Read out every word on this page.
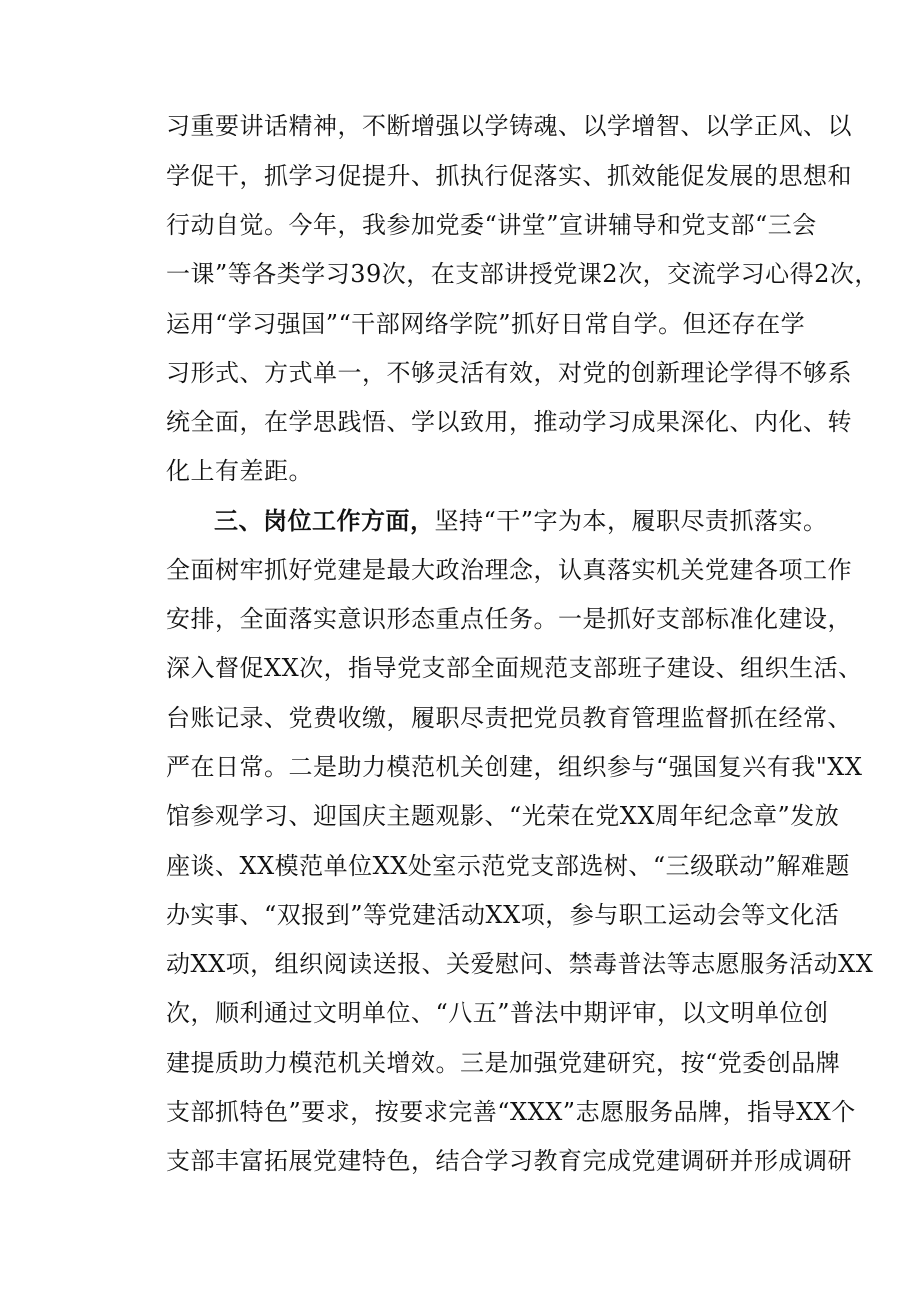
习重要讲话精神，不断增强以学铸魂、以学增智、以学正风、以
学促干，抓学习促提升、抓执行促落实、抓效能促发展的思想和
行动自觉。今年，我参加党委“讲堂”宣讲辅导和党支部“三会
一课”等各类学习39次，在支部讲授党课2次，交流学习心得2次，
运用“学习强国”“干部网络学院”抓好日常自学。但还存在学
习形式、方式单一，不够灵活有效，对党的创新理论学得不够系
统全面，在学思践悟、学以致用，推动学习成果深化、内化、转
化上有差距。
三、岗位工作方面，坚持“干”字为本，履职尽责抓落实。
全面树牢抓好党建是最大政治理念，认真落实机关党建各项工作
安排，全面落实意识形态重点任务。一是抓好支部标准化建设，
深入督促XX次，指导党支部全面规范支部班子建设、组织生活、
台账记录、党费收缴，履职尽责把党员教育管理监督抓在经常、
严在日常。二是助力模范机关创建，组织参与“强国复兴有我"XX
馆参观学习、迎国庆主题观影、“光荣在党XX周年纪念章”发放
座谈、XX模范单位XX处室示范党支部选树、“三级联动”解难题
办实事、“双报到”等党建活动XX项，参与职工运动会等文化活
动XX项，组织阅读送报、关爱慰问、禁毒普法等志愿服务活动XX
次，顺利通过文明单位、“八五”普法中期评审，以文明单位创
建提质助力模范机关增效。三是加强党建研究，按“党委创品牌
支部抓特色”要求，按要求完善“XXX”志愿服务品牌，指导XX个
支部丰富拓展党建特色，结合学习教育完成党建调研并形成调研
